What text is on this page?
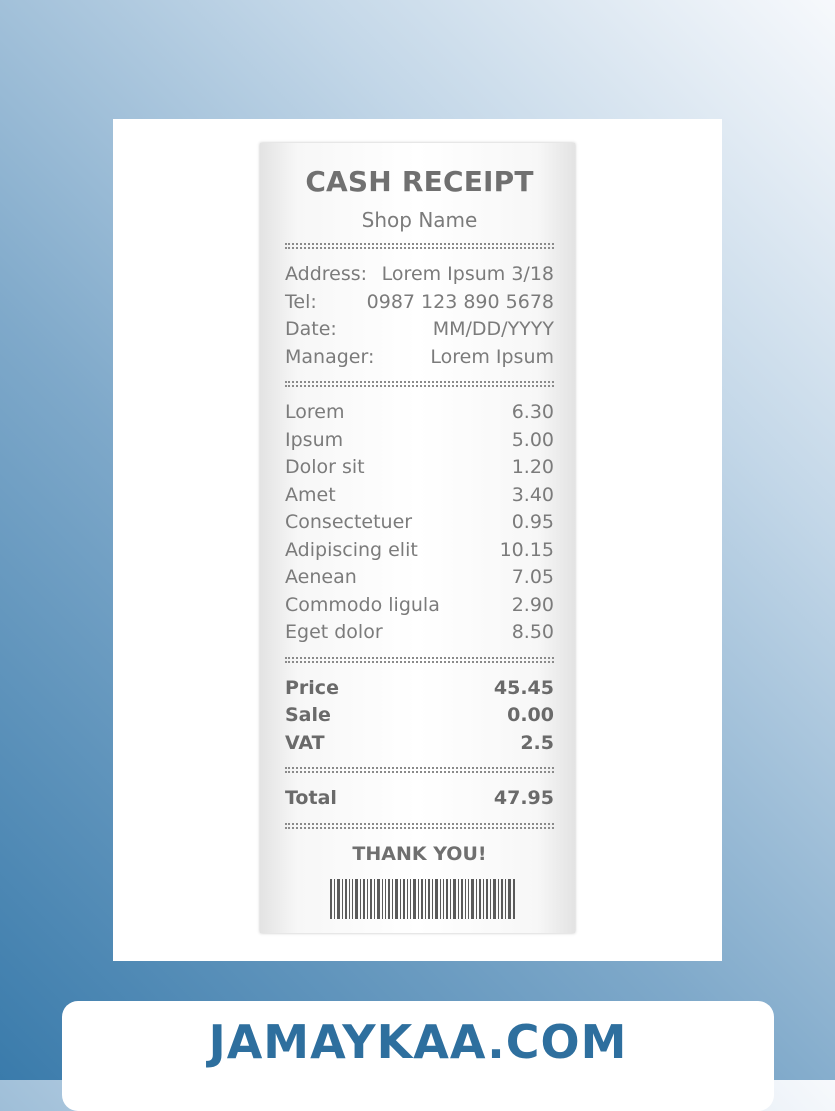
CASH RECEIPT
Shop Name
Address: Lorem Ipsum 3/18
Tel:	0987 123 890 5678
Date:	MM/DD/YYYY
Manager:	Lorem Ipsum
Lorem	6.30
Ipsum	5.00
Dolor sit	1.20
Amet	3.40
Consectetuer	0.95
Adipiscing elit	10.15
Aenean	7.05
Commodo ligula	2.90
Eget dolor	8.50
Price	45.45
Sale	0.00
VAT	2.5
Total	47.95
THANK YOU!
JAMAYKAA.COM
